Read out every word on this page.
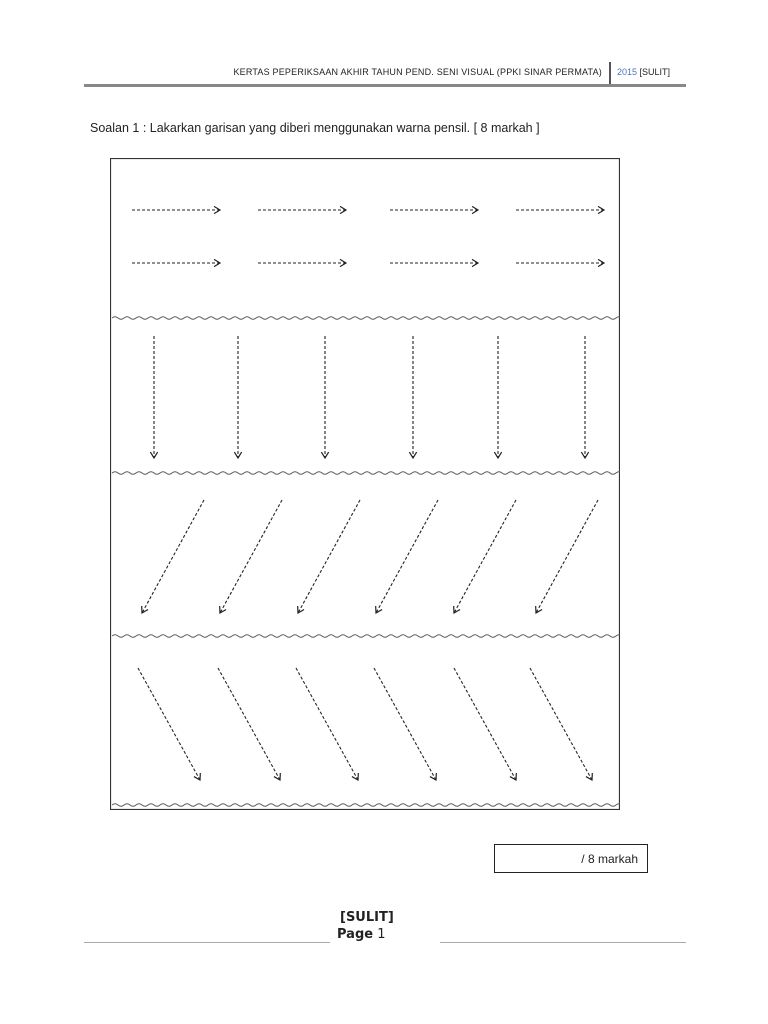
KERTAS PEPERIKSAAN AKHIR TAHUN PEND. SENI VISUAL (PPKI SINAR PERMATA) 2015 [SULIT]
Soalan 1 : Lakarkan garisan yang diberi menggunakan warna pensil. [ 8 markah ]
/ 8 markah
[SULIT]
Page 1
